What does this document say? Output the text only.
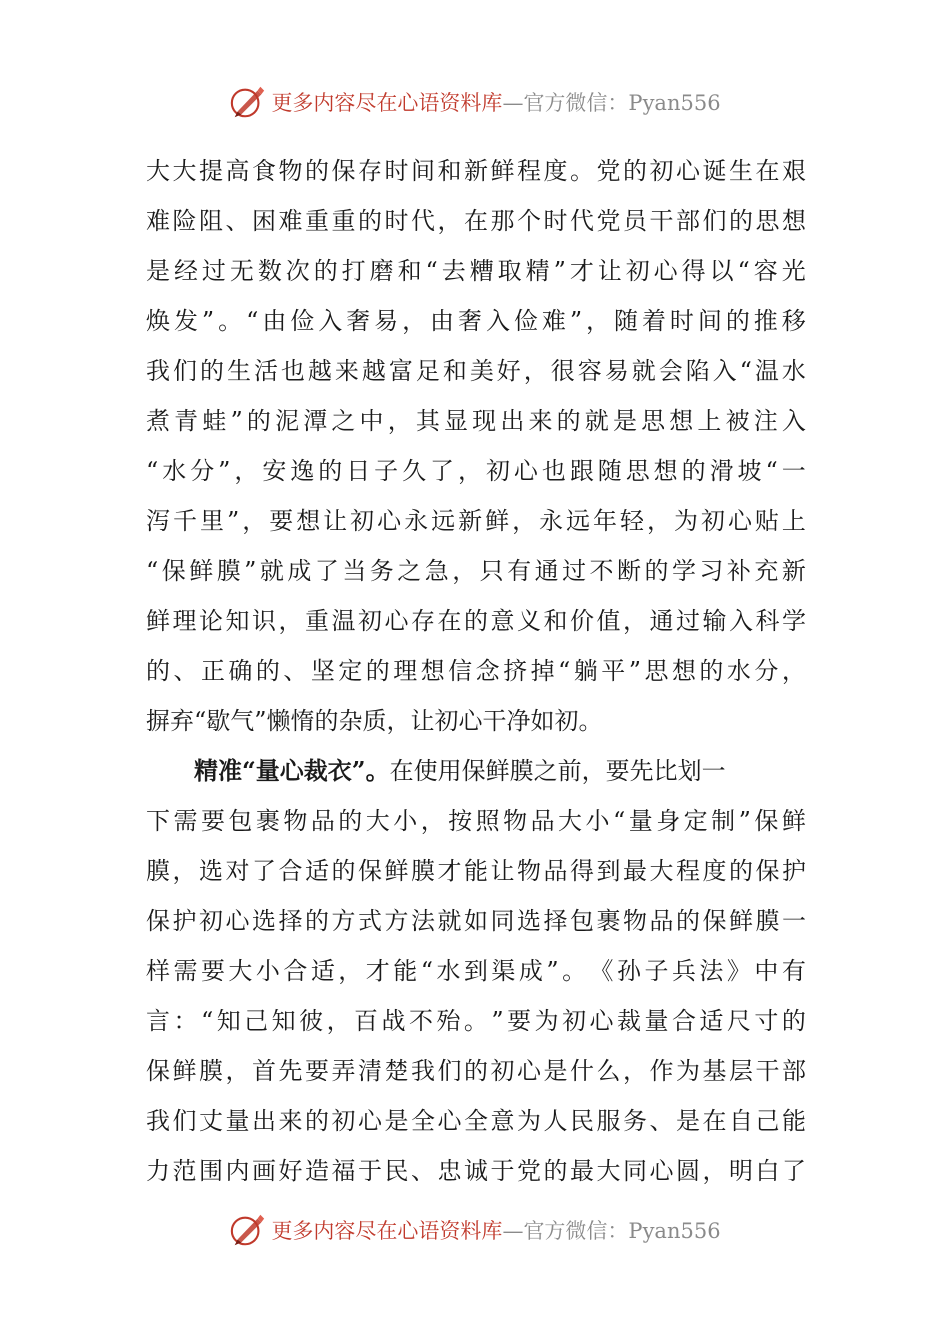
更多内容尽在心语资料库—官方微信：Pyan556
大 大 提 高 食 物 的 保 存 时 间 和 新 鲜 程 度 。 党 的 初 心 诞 生 在 艰
难 险 阻 、 困 难 重 重 的 时 代 ， 在 那 个 时 代 党 员 干 部 们 的 思 想
是 经 过 无 数 次 的 打 磨 和 “ 去 糟 取 精 ” 才 让 初 心 得 以 “ 容 光
焕 发 ” 。 “ 由 俭 入 奢 易 ， 由 奢 入 俭 难 ” ， 随 着 时 间 的 推 移
我 们 的 生 活 也 越 来 越 富 足 和 美 好 ， 很 容 易 就 会 陷 入 “ 温 水
煮 青 蛙 ” 的 泥 潭 之 中 ， 其 显 现 出 来 的 就 是 思 想 上 被 注 入
“ 水 分 ” ， 安 逸 的 日 子 久 了 ， 初 心 也 跟 随 思 想 的 滑 坡 “ 一
泻 千 里 ” ， 要 想 让 初 心 永 远 新 鲜 ， 永 远 年 轻 ， 为 初 心 贴 上
“ 保 鲜 膜 ” 就 成 了 当 务 之 急 ， 只 有 通 过 不 断 的 学 习 补 充 新
鲜 理 论 知 识 ， 重 温 初 心 存 在 的 意 义 和 价 值 ， 通 过 输 入 科 学
的 、 正 确 的 、 坚 定 的 理 想 信 念 挤 掉 “ 躺 平 ” 思 想 的 水 分 ，
摒弃“歇气”懒惰的杂质，让初心干净如初。
精准“量心裁衣”。 在使用保鲜膜之前，要先比划一
下 需 要 包 裹 物 品 的 大 小 ， 按 照 物 品 大 小 “ 量 身 定 制 ” 保 鲜
膜 ， 选 对 了 合 适 的 保 鲜 膜 才 能 让 物 品 得 到 最 大 程 度 的 保 护
保 护 初 心 选 择 的 方 式 方 法 就 如 同 选 择 包 裹 物 品 的 保 鲜 膜 一
样 需 要 大 小 合 适 ， 才 能 “ 水 到 渠 成 ” 。 《 孙 子 兵 法 》 中 有
言 ： “ 知 己 知 彼 ， 百 战 不 殆 。 ” 要 为 初 心 裁 量 合 适 尺 寸 的
保 鲜 膜 ， 首 先 要 弄 清 楚 我 们 的 初 心 是 什 么 ， 作 为 基 层 干 部
我 们 丈 量 出 来 的 初 心 是 全 心 全 意 为 人 民 服 务 、 是 在 自 己 能
力 范 围 内 画 好 造 福 于 民 、 忠 诚 于 党 的 最 大 同 心 圆 ， 明 白 了
更多内容尽在心语资料库—官方微信：Pyan556
